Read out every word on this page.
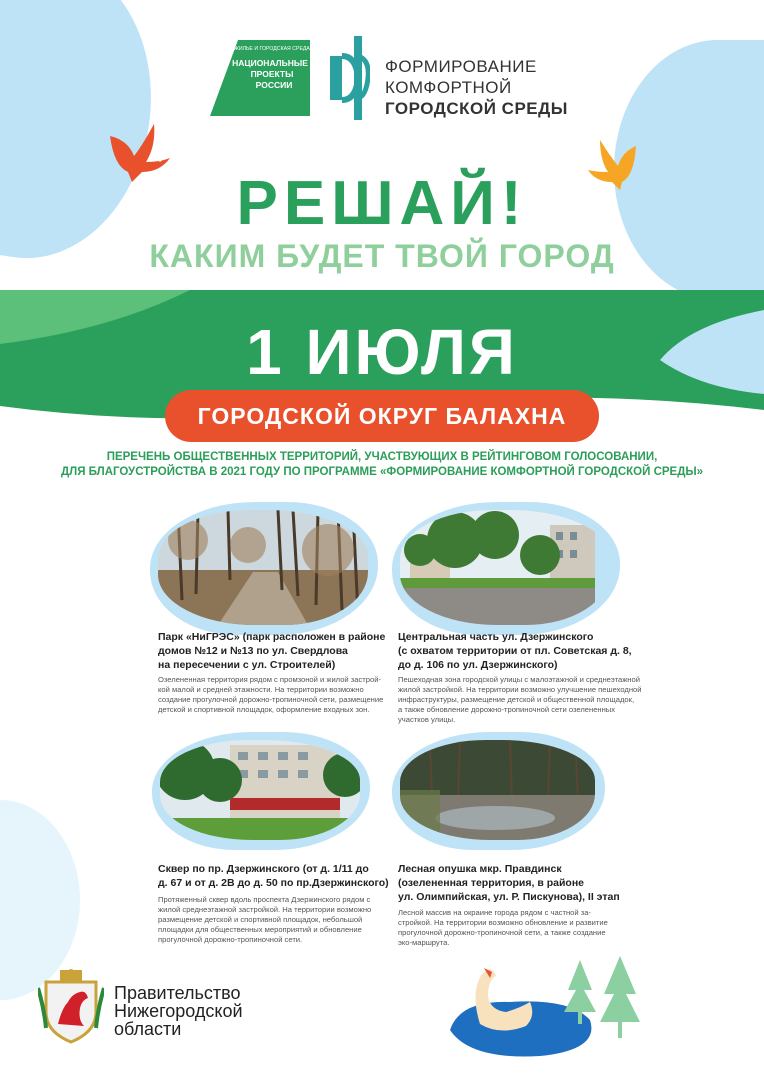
ЖИЛЬЕ И ГОРОДСКАЯ СРЕДА
НАЦИОНАЛЬНЫЕ
ПРОЕКТЫ
РОССИИ
ФОРМИРОВАНИЕ
КОМФОРТНОЙ
ГОРОДСКОЙ СРЕДЫ
РЕШАЙ!
КАКИМ БУДЕТ ТВОЙ ГОРОД
1 ИЮЛЯ
ГОРОДСКОЙ ОКРУГ БАЛАХНА
ПЕРЕЧЕНЬ ОБЩЕСТВЕННЫХ ТЕРРИТОРИЙ, УЧАСТВУЮЩИХ В РЕЙТИНГОВОМ ГОЛОСОВАНИИ,
ДЛЯ БЛАГОУСТРОЙСТВА В 2021 ГОДУ ПО ПРОГРАММЕ «ФОРМИРОВАНИЕ КОМФОРТНОЙ ГОРОДСКОЙ СРЕДЫ»
Парк «НиГРЭС» (парк расположен в районе
домов №12 и №13 по ул. Свердлова
на пересечении с ул. Строителей)
Озелененная территория рядом с промзоной и жилой застрой-
кой малой и средней этажности. На территории возможно
создание прогулочной дорожно-тропиночной сети, размещение
детской и спортивной площадок, оформление входных зон.
Центральная часть ул. Дзержинского
(с охватом территории от пл. Советская д. 8,
до д. 106 по ул. Дзержинского)
Пешеходная зона городской улицы с малоэтажной и среднеэтажной
жилой застройкой. На территории возможно улучшение пешеходной
инфраструктуры, размещение детской и общественной площадок,
а также обновление дорожно-тропиночной сети озелененных
участков улицы.
Сквер по пр. Дзержинского (от д. 1/11 до
д. 67 и от д. 2В до д. 50 по пр.Дзержинского)
Протяженный сквер вдоль проспекта Дзержинского рядом с
жилой среднеэтажной застройкой. На территории возможно
размещение детской и спортивной площадок, небольшой
площадки для общественных мероприятий и обновление
прогулочной дорожно-тропиночной сети.
Лесная опушка мкр. Правдинск
(озелененная территория, в районе
ул. Олимпийская, ул. Р. Пискунова), II этап
Лесной массив на окраине города рядом с частной за-
стройкой. На территории возможно обновление и развитие
прогулочной дорожно-тропиночной сети, а также создание
эко-маршрута.
Правительство
Нижегородской
области
